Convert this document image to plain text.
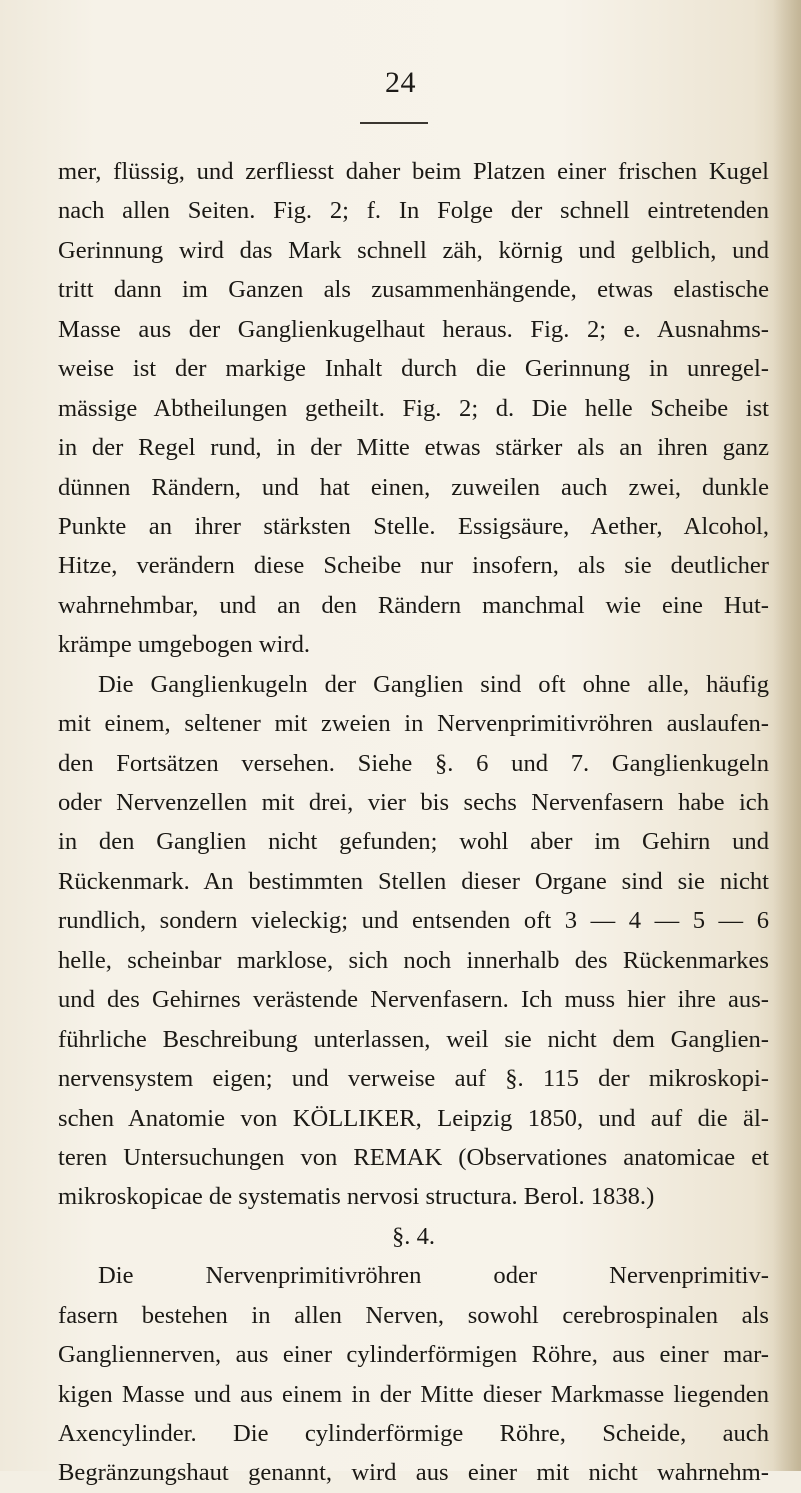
24
mer, flüssig, und zerfliesst daher beim Platzen einer frischen Kugel
nach allen Seiten. Fig. 2; f. In Folge der schnell eintretenden
Gerinnung wird das Mark schnell zäh, körnig und gelblich, und
tritt dann im Ganzen als zusammenhängende, etwas elastische
Masse aus der Ganglienkugelhaut heraus. Fig. 2; e. Ausnahms-
weise ist der markige Inhalt durch die Gerinnung in unregel-
mässige Abtheilungen getheilt. Fig. 2; d. Die helle Scheibe ist
in der Regel rund, in der Mitte etwas stärker als an ihren ganz
dünnen Rändern, und hat einen, zuweilen auch zwei, dunkle
Punkte an ihrer stärksten Stelle. Essigsäure, Aether, Alcohol,
Hitze, verändern diese Scheibe nur insofern, als sie deutlicher
wahrnehmbar, und an den Rändern manchmal wie eine Hut-
krämpe umgebogen wird.
Die Ganglienkugeln der Ganglien sind oft ohne alle, häufig
mit einem, seltener mit zweien in Nervenprimitivröhren auslaufen-
den Fortsätzen versehen. Siehe §. 6 und 7. Ganglienkugeln
oder Nervenzellen mit drei, vier bis sechs Nervenfasern habe ich
in den Ganglien nicht gefunden; wohl aber im Gehirn und
Rückenmark. An bestimmten Stellen dieser Organe sind sie nicht
rundlich, sondern vieleckig; und entsenden oft 3 — 4 — 5 — 6
helle, scheinbar marklose, sich noch innerhalb des Rückenmarkes
und des Gehirnes verästende Nervenfasern. Ich muss hier ihre aus-
führliche Beschreibung unterlassen, weil sie nicht dem Ganglien-
nervensystem eigen; und verweise auf §. 115 der mikroskopi-
schen Anatomie von KÖLLIKER, Leipzig 1850, und auf die äl-
teren Untersuchungen von REMAK (Observationes anatomicae et
mikroskopicae de systematis nervosi structura. Berol. 1838.)
§. 4.
Die Nervenprimitivröhren oder Nervenprimitiv-
fasern bestehen in allen Nerven, sowohl cerebrospinalen als
Gangliennerven, aus einer cylinderförmigen Röhre, aus einer mar-
kigen Masse und aus einem in der Mitte dieser Markmasse liegenden
Axencylinder. Die cylinderförmige Röhre, Scheide, auch
Begränzungshaut genannt, wird aus einer mit nicht wahrnehm-
